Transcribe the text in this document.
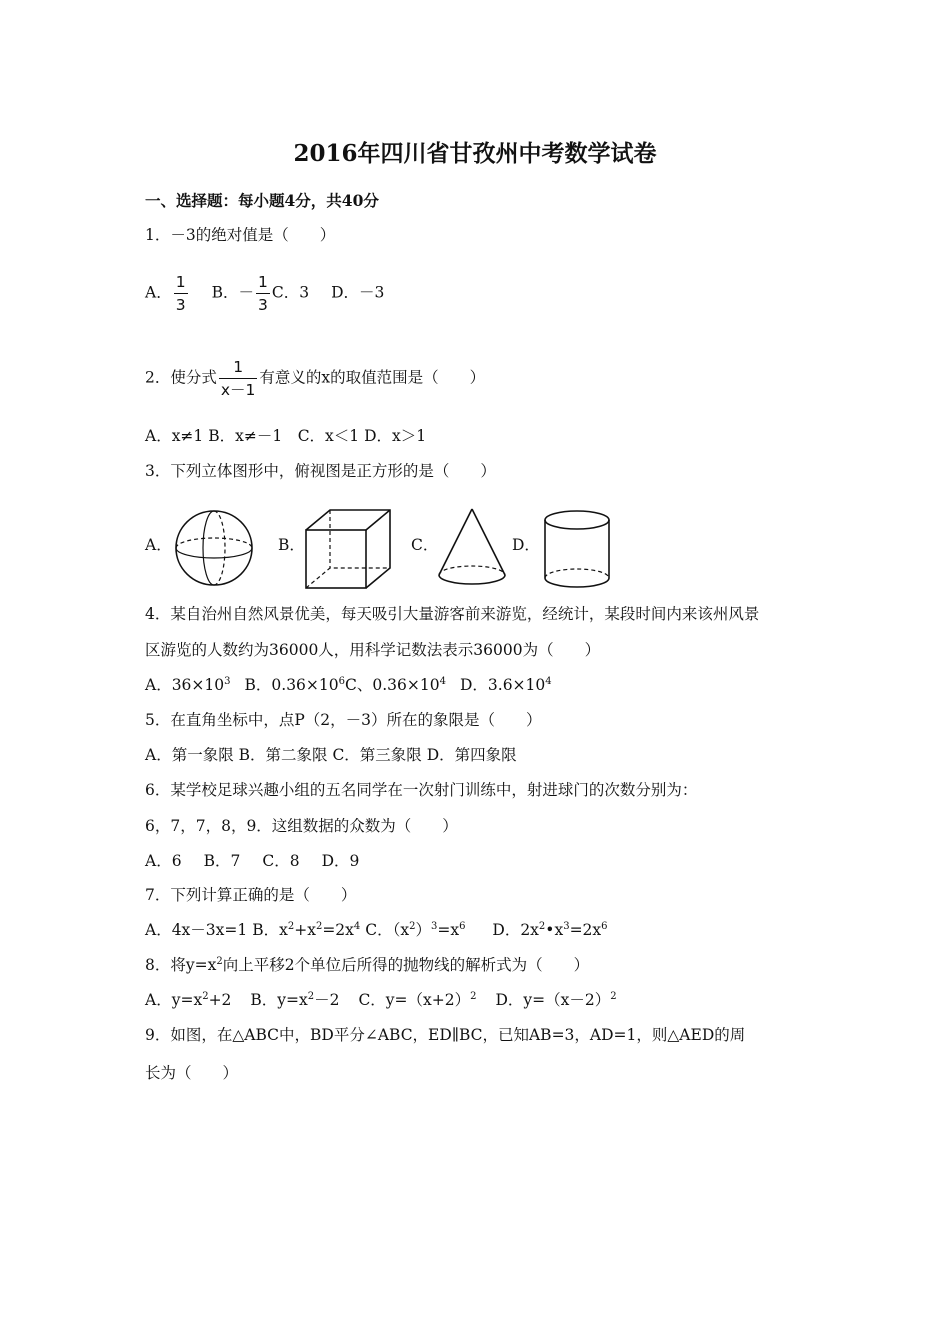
2016年四川省甘孜州中考数学试卷
一、选择题：每小题4分，共40分
1．－3的绝对值是（　　）
A． $\frac{1}{3}$ B．－ $\frac{1}{3}$ C．3 D．－3
2．使分式 $\frac{1}{x-1}$ 有意义的x的取值范围是（　　）
A．x≠1 B．x≠－1　C．x＜1 D．x＞1
3．下列立体图形中，俯视图是正方形的是（　　）
A．	B．	C．	D．
4．某自治州自然风景优美，每天吸引大量游客前来游览，经统计，某段时间内来该州风景
区游览的人数约为36000人，用科学记数法表示36000为（　　）
A．$36\times 10^3$ B．$0.36\times 10^6C$、$0.36\times 10^4$ D．$3.6\times 10^4$
5．在直角坐标中，点P（2，－3）所在的象限是（　　）
A．第一象限 B．第二象限 C．第三象限 D．第四象限
6．某学校足球兴趣小组的五名同学在一次射门训练中，射进球门的次数分别为：
6，7，7，8，9．这组数据的众数为（　　）
A．6 B．7 C．8 D．9
7．下列计算正确的是（　　）
A．4x－3x=1 B．$x^2+x^2=2x^4$ C．$(x^2)^3=x^6$ D．$2x^2•x^3=2x^6$
8．将$y=x^2$向上平移2个单位后所得的抛物线的解析式为（　　）
A．$y=x^2+2$ B．$y=x^2-2$ C．$y=(x+2)^2$ D．$y=(x-2)^2$
9．如图，在△ABC中，BD平分∠ABC，ED∥BC，已知AB=3，AD=1，则△AED的周
长为（　　）
